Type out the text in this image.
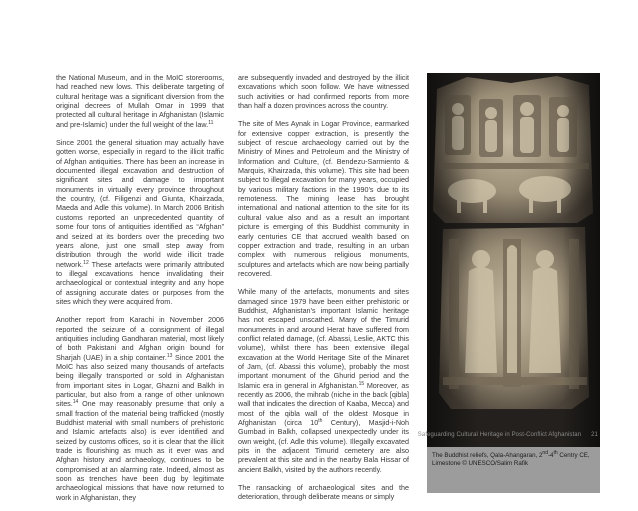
the National Museum, and in the MoIC storerooms, had reached new lows. This deliberate targeting of cultural heritage was a significant diversion from the original decrees of Mullah Omar in 1999 that protected all cultural heritage in Afghanistan (Islamic and pre-Islamic) under the full weight of the law.$^{11}$

Since 2001 the general situation may actually have gotten worse, especially in regard to the illicit traffic of Afghan antiquities. There has been an increase in documented illegal excavation and destruction of significant sites and damage to important monuments in virtually every province throughout the country, (cf. Filigenzi and Giunta, Khairzada, Maeda and Adle this volume). In March 2006 British customs reported an unprecedented quantity of some four tons of antiquities identified as “Afghan” and seized at its borders over the preceding two years alone, just one small step away from distribution through the world wide illicit trade network.$^{12}$ These artefacts were primarily attributed to illegal excavations hence invalidating their archaeological or contextual integrity and any hope of assigning accurate dates or purposes from the sites which they were acquired from.

Another report from Karachi in November 2006 reported the seizure of a consignment of illegal antiquities including Gandharan material, most likely of both Pakistani and Afghan origin bound for Sharjah (UAE) in a ship container.$^{13}$ Since 2001 the MoIC has also seized many thousands of artefacts being illegally transported or sold in Afghanistan from important sites in Logar, Ghazni and Balkh in particular, but also from a range of other unknown sites.$^{14}$ One may reasonably presume that only a small fraction of the material being trafficked (mostly Buddhist material with small numbers of prehistoric and Islamic artefacts also) is ever identified and seized by customs offices, so it is clear that the illicit trade is flourishing as much as it ever was and Afghan history and archaeology, continues to be compromised at an alarming rate. Indeed, almost as soon as trenches have been dug by legitimate archaeological missions that have now returned to work in Afghanistan, they

are subsequently invaded and destroyed by the illicit excavations which soon follow. We have witnessed such activities or had confirmed reports from more than half a dozen provinces across the country.

The site of Mes Aynak in Logar Province, earmarked for extensive copper extraction, is presently the subject of rescue archaeology carried out by the Ministry of Mines and Petroleum and the Ministry of Information and Culture, (cf. Bendezu-Sarmiento & Marquis, Khairzada, this volume). This site had been subject to illegal excavation for many years, occupied by various military factions in the 1990’s due to its remoteness. The mining lease has brought international and national attention to the site for its cultural value also and as a result an important picture is emerging of this Buddhist community in early centuries CE that accrued wealth based on copper extraction and trade, resulting in an urban complex with numerous religious monuments, sculptures and artefacts which are now being partially recovered.

While many of the artefacts, monuments and sites damaged since 1979 have been either prehistoric or Buddhist, Afghanistan’s important Islamic heritage has not escaped unscathed. Many of the Timurid monuments in and around Herat have suffered from conflict related damage, (cf. Abassi, Leslie, AKTC this volume), whilst there has been extensive illegal excavation at the World Heritage Site of the Minaret of Jam, (cf. Abassi this volume), probably the most important monument of the Ghurid period and the Islamic era in general in Afghanistan.$^{15}$ Moreover, as recently as 2006, the mihrab (niche in the back [qibla] wall that indicates the direction of Kaaba, Mecca) and most of the qibla wall of the oldest Mosque in Afghanistan (circa 10th Century), Masjid-i-Noh Gumbad in Balkh, collapsed unexpectedly under its own weight, (cf. Adle this volume). Illegally excavated pits in the adjacent Timurid cemetery are also prevalent at this site and in the nearby Bala Hissar of ancient Balkh, visited by the authors recently.

The ransacking of archaeological sites and the deterioration, through deliberate means or simply

The Buddhist reliefs, Qala-Ahangaran, 2nd-4th Centry CE,
Limestone © UNESCO/Salim Rafik
Safeguarding Cultural Heritage in Post-Conflict Afghanistan 21
